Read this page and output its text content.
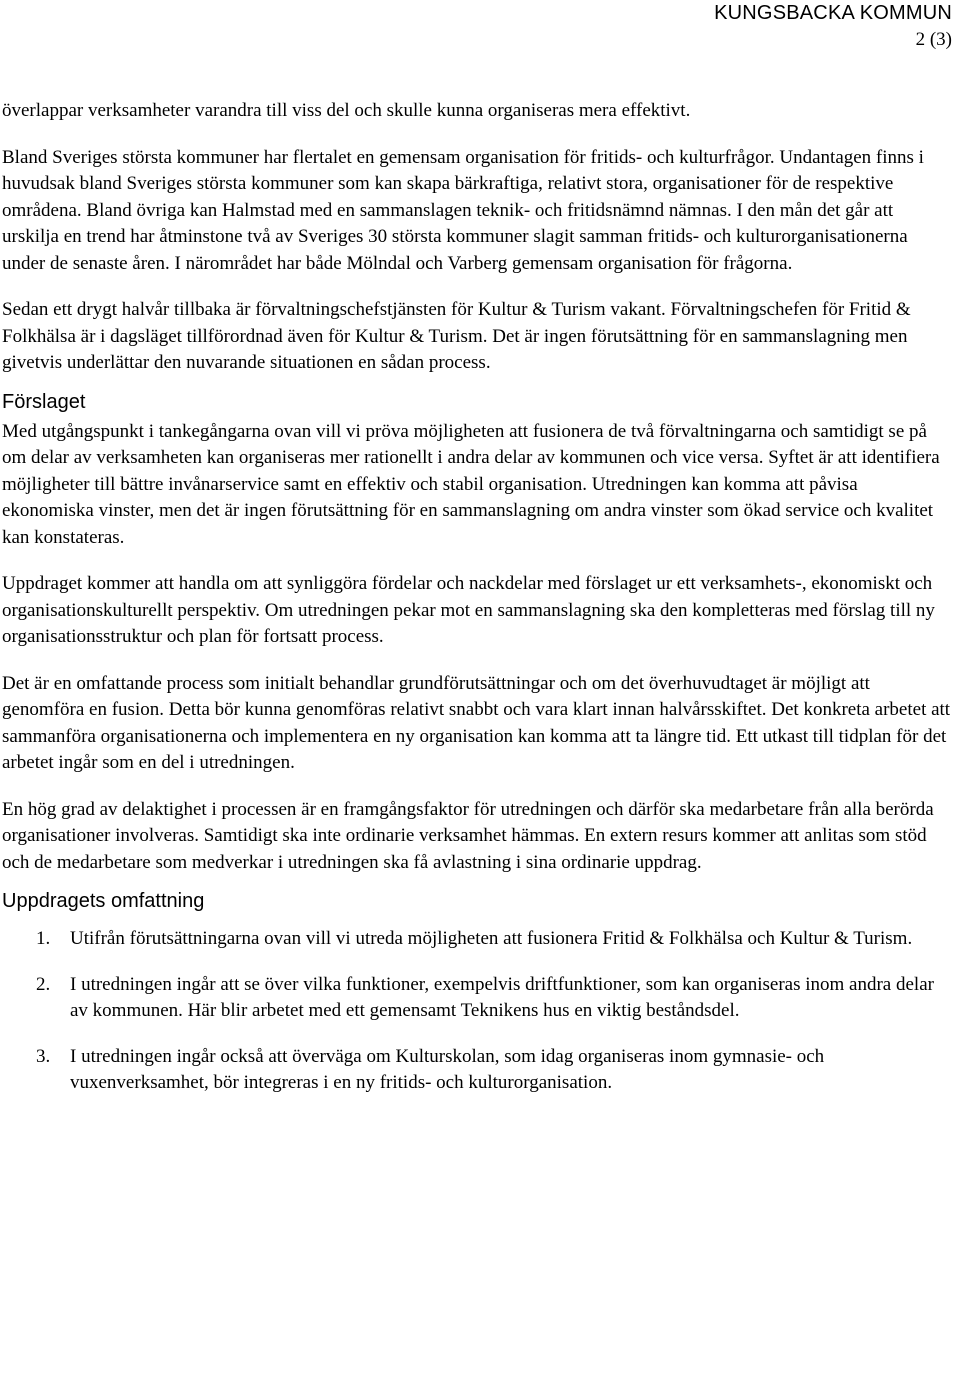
KUNGSBACKA KOMMUN
2 (3)

överlappar verksamheter varandra till viss del och skulle kunna organiseras mera effektivt.

Bland Sveriges största kommuner har flertalet en gemensam organisation för fritids- och kulturfrågor. Undantagen finns i huvudsak bland Sveriges största kommuner som kan skapa bärkraftiga, relativt stora, organisationer för de respektive områdena. Bland övriga kan Halmstad med en sammanslagen teknik- och fritidsnämnd nämnas. I den mån det går att urskilja en trend har åtminstone två av Sveriges 30 största kommuner slagit samman fritids- och kulturorganisationerna under de senaste åren. I närområdet har både Mölndal och Varberg gemensam organisation för frågorna.

Sedan ett drygt halvår tillbaka är förvaltningschefstjänsten för Kultur & Turism vakant. Förvaltningschefen för Fritid & Folkhälsa är i dagsläget tillförordnad även för Kultur & Turism. Det är ingen förutsättning för en sammanslagning men givetvis underlättar den nuvarande situationen en sådan process.

Förslaget

Med utgångspunkt i tankegångarna ovan vill vi pröva möjligheten att fusionera de två förvaltningarna och samtidigt se på om delar av verksamheten kan organiseras mer rationellt i andra delar av kommunen och vice versa. Syftet är att identifiera möjligheter till bättre invånarservice samt en effektiv och stabil organisation. Utredningen kan komma att påvisa ekonomiska vinster, men det är ingen förutsättning för en sammanslagning om andra vinster som ökad service och kvalitet kan konstateras.

Uppdraget kommer att handla om att synliggöra fördelar och nackdelar med förslaget ur ett verksamhets-, ekonomiskt och organisationskulturellt perspektiv. Om utredningen pekar mot en sammanslagning ska den kompletteras med förslag till ny organisationsstruktur och plan för fortsatt process.

Det är en omfattande process som initialt behandlar grundförutsättningar och om det överhuvudtaget är möjligt att genomföra en fusion. Detta bör kunna genomföras relativt snabbt och vara klart innan halvårsskiftet. Det konkreta arbetet att sammanföra organisationerna och implementera en ny organisation kan komma att ta längre tid. Ett utkast till tidplan för det arbetet ingår som en del i utredningen.

En hög grad av delaktighet i processen är en framgångsfaktor för utredningen och därför ska medarbetare från alla berörda organisationer involveras. Samtidigt ska inte ordinarie verksamhet hämmas. En extern resurs kommer att anlitas som stöd och de medarbetare som medverkar i utredningen ska få avlastning i sina ordinarie uppdrag.

Uppdragets omfattning
1. Utifrån förutsättningarna ovan vill vi utreda möjligheten att fusionera Fritid & Folkhälsa och Kultur & Turism.
2. I utredningen ingår att se över vilka funktioner, exempelvis driftfunktioner, som kan organiseras inom andra delar av kommunen. Här blir arbetet med ett gemensamt Teknikens hus en viktig beståndsdel.
3. I utredningen ingår också att överväga om Kulturskolan, som idag organiseras inom gymnasie- och vuxenverksamhet, bör integreras i en ny fritids- och kulturorganisation.
